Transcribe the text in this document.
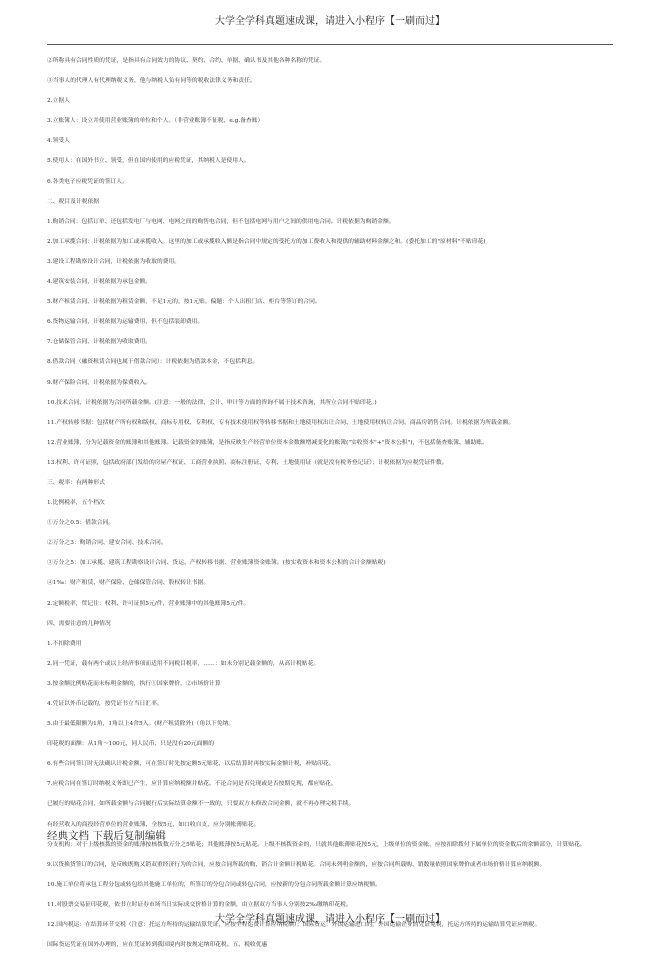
大学全学科真题速成课，请进入小程序【一刷而过】

②所称具有合同性质的凭证，是指具有合同效力的协议、契约、合约、单据、确认书及其他各种名称的凭证。

③当事人的代理人有代理纳税义务，他与纳税人负有同等的税收法律义务和责任。

2.立据人

3.立账簿人：设立并使用营业账簿的单位和个人。（非营业账簿不征税，e.g.备查账）

4.领受人

5.使用人：在国外书立、领受，但在国内使用的应税凭证，其纳税人是使用人。

6.各类电子应税凭证的签订人。

二、税目及计税依据

1.购销合同：包括订单、还包括发电厂与电网、电网之间的购售电合同，但不包括电网与用户之间的供用电合同。计税依据为购销金额。

2.加工承揽合同：计税依据为加工或承揽收入。这里的加工或承揽收入额是指合同中规定的受托方的加工费收入和提供的辅助材料金额之和。(委托加工的"原材料"不贴印花)

3.建设工程勘察设计合同，计税依据为收取的费用。

4.建筑安装合同，计税依据为承包金额。

5.财产租赁合同，计税依据为租赁金额，不足1元的，按1元贴。偏题：个人出租门店、柜台等签订的合同。

6.货物运输合同，计税依据为运输费用，但不包括装卸费用。

7.仓储保管合同，计税依据为收取费用。

8.借款合同（融资租赁合同也属于借款合同）：计税依据为借款本金，不包括利息。

9.财产保险合同，计税依据为保费收入。

10.技术合同，计税依据为合同所载金额。(注意：一般的法律、会计、审计等方面的咨询不属于技术咨询，其所立合同不贴印花。)

11.产权转移书据：包括财产所有权和版权、商标专用权、专利权、专有技术使用权等转移书据和土地使用权出让合同、土地使用权转让合同、商品房销售合同。计税依据为所载金额。

12.营业账簿，分为记载资金的账簿和其他账簿。记载资金的账簿，是指反映生产经营单位资本金数额增减变化的账簿("实收资本"+"资本公积")，不包括备查账簿、辅助账。

13.权利、许可证照，包括政府部门发给的房屋产权证、工商营业执照、商标注册证、专利、土地使用证（就是没有税务登记证）；计税依据为应税凭证件数。

三、税率：有两种形式

1.比例税率，五个档次

①万分之0.5：借款合同。

②万分之3：购销合同、建安合同、技术合同。

③万分之5：加工承揽、建筑工程勘察设计合同、货运、产权转移书据、营业账簿资金账簿。(按实收资本和资本公积的合计金额贴税)

④1‰：财产租赁、财产保险、仓储保管合同、股权转让书据。

2.定额税率，贸记住：权利、许可证照5元/件，营业账簿中的其他账簿5元/件。

四、需要注意的几种情况

1.不扣除费用

2.同一凭证，载有两个或以上经济事项而适用不同税目税率，……：如未分别记载金额的，从高计税贴花。

3.按金额比例贴花而未标明金额的，执行①国家牌价，②市场价计算

4.凭证以外币记载的，按凭证书立当日汇率。

5.由于最低限额为1角，1角以上4舍5入。(财产租赁除外)（角以下免纳。

印花税的面额：从1角～100元，同人民币，只是没有20元面额的

6.有些合同签订时无法确认计税金额，可在签订时先按定额5元贴花，以后结算时再按实际金额计税，补贴印花。

7.应税合同在签订时纳税义务即已产生，应计算应纳税额并贴花。不论合同是否兑现或是否按期兑现，都应贴花。

已履行的贴花合同，如所载金额与合同履行后实际结算金额不一致的，只要双方未修改合同金额，就不再办理完税手续。

有经营收入的商投经营单位的营业账簿，全按5元，如口收自支，应分别帐薄贴花。

分支机构：对于上级核拨的资金的账薄按核拨数万分之5贴花；其他账薄按5元贴花。上级不核拨资金的，只就其他账薄贴花按5元，上级单位的资金帐，应按扣除拨付下属单位的资金数后的余额部分，计算贴花。

9.以货换货签订的合同，是反映既购又销双重经济行为的合同，应按合同所载的购、销合计金额计税贴花。合同未列明金额的，应按合同所载购、销数量依照国家牌价或者市场价格计算应纳税额。

10.施工单位将承包工程分包或转包给其他施工单位的，所签订的分包合同或转包合同，应按新的分包合同所载金额计算应纳税额。

11.对股票交易征印花税，依书立时证券市场当日实际成交价格计算的金额，由立据双方当事人分别按2‰缴纳印花税。

12.国内税运：在结算环节交税（注意：托运方所持的运输结算凭证，应按全程运费计算应纳税额）；国际货运：外国运输进口的，外国运输企业的凭证免税，托运方所持的运输结算凭证应纳税。

国际货运凭证在国外办理的，应在凭证转到我国境内时按规定纳印花税。五、税收优惠

经典文档 下载后复制编辑
大学全学科真题速成课，请进入小程序【一刷而过】
